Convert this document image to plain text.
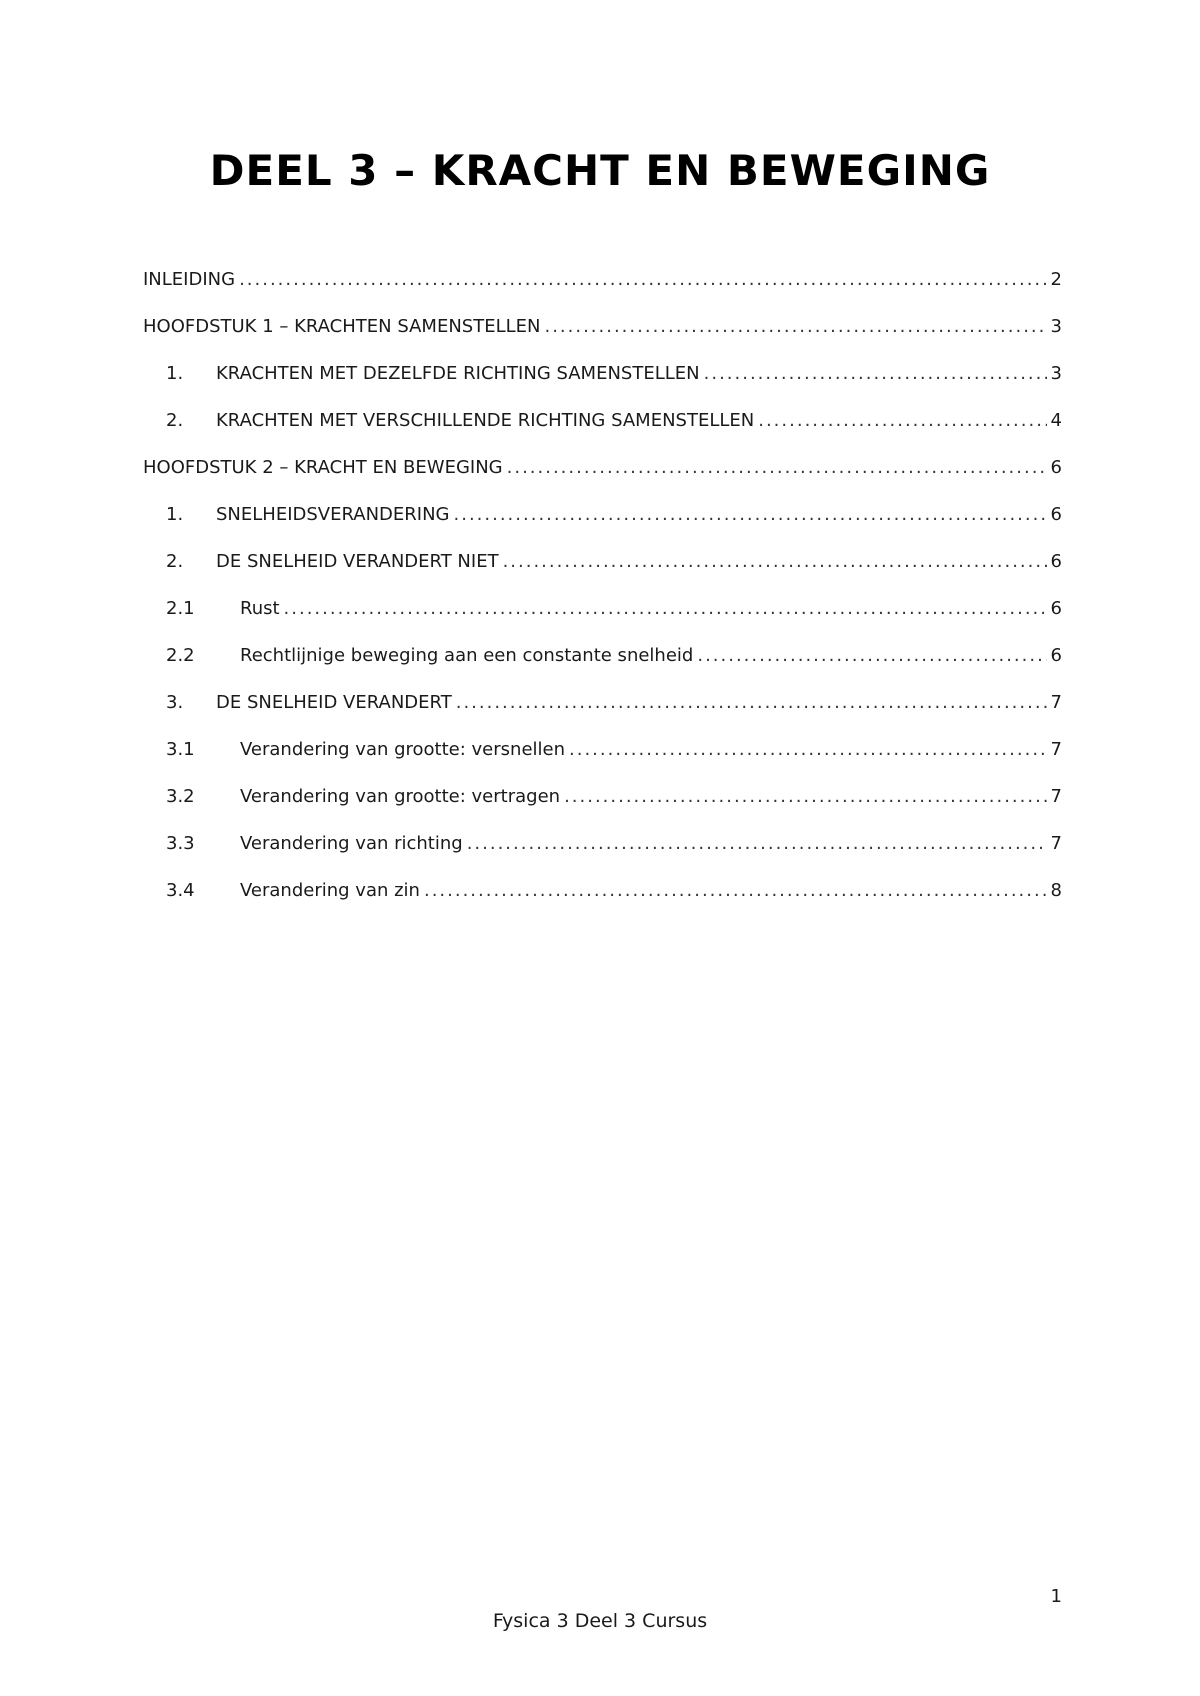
DEEL 3 – KRACHT EN BEWEGING
INLEIDING .....	2
HOOFDSTUK 1 – KRACHTEN SAMENSTELLEN .....	3
1.	KRACHTEN MET DEZELFDE RICHTING SAMENSTELLEN .....	3
2.	KRACHTEN MET VERSCHILLENDE RICHTING SAMENSTELLEN .....	4
HOOFDSTUK 2 – KRACHT EN BEWEGING .....	6
1.	SNELHEIDSVERANDERING .....	6
2.	DE SNELHEID VERANDERT NIET .....	6
2.1	Rust .....	6
2.2	Rechtlijnige beweging aan een constante snelheid .....	6
3.	DE SNELHEID VERANDERT .....	7
3.1	Verandering van grootte: versnellen .....	7
3.2	Verandering van grootte: vertragen .....	7
3.3	Verandering van richting .....	7
3.4	Verandering van zin .....	8
1
Fysica 3 Deel 3 Cursus
